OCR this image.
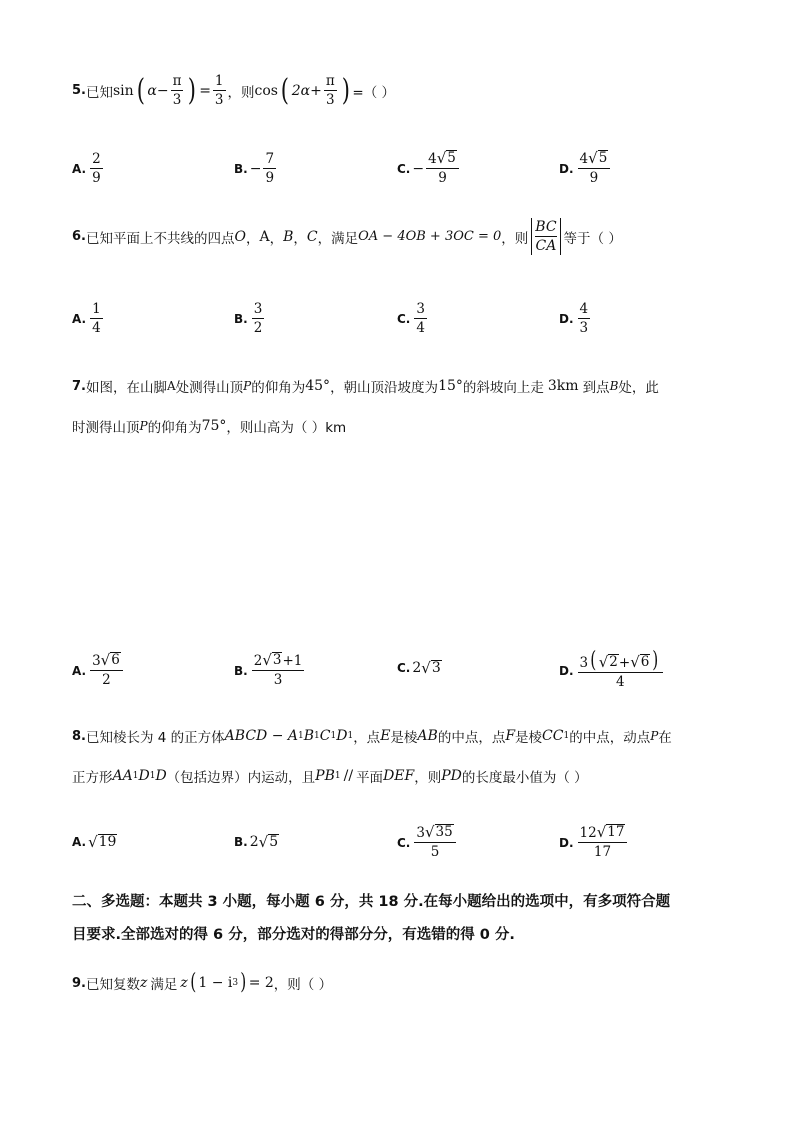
5. 已知 sin ( $\alpha - \frac{\pi}{3}$ ) = $\frac{1}{3}$ ，则 cos ( $2\alpha + \frac{\pi}{3}$ ) =（ ）
A. $\frac{2}{9}$	B. − $\frac{7}{9}$	C. − $\frac{4 √ 5}{9}$	D. $\frac{4 √ 5}{9}$
6. 已知平面上不共线的四点 O ， A ， B ， C ，满足 OA − 4OB + 3OC = 0 ，则
BC
CA 等于（ ）
A. $\frac{1}{4}$	B. $\frac{3}{2}$	C. $\frac{3}{4}$	D. $\frac{4}{3}$
7. 如图，在山脚 A 处测得山顶 P 的仰角为 45° ，朝山顶沿坡度为 15° 的斜坡向上走 3km 到点 B 处，此
时测得山顶 P 的仰角为 75° ，则山高为（ ）km
A. $\frac{3 √ 6}{2}$	B. $\frac{2 √ 3 +1}{3}$	C. 2 √ 3	D. $\frac{3 ( √ 2 + √ 6 )}{4}$
8. 已知棱长为 4 的正方体 ABCD − A 1 B 1 C 1 D 1 ，点 E 是棱 AB 的中点，点 F 是棱 CC 1 的中点，动点 P 在
正方形 AA 1 D 1 D （包括边界）内运动，且 PB 1 // 平面 DEF ，则 PD 的长度最小值为（ ）
A. √ 19	B. 2 √ 5	C. $\frac{3 √ 35}{5}$	D. $\frac{12 √ 17}{17}$
二、多选题：本题共 3 小题，每小题 6 分，共 18 分.在每小题给出的选项中，有多项符合题
目要求.全部选对的得 6 分，部分选对的得部分分，有选错的得 0 分.
9. 已知复数 z 满足 z ( 1 − i 3 ) = 2 ，则（ ）
